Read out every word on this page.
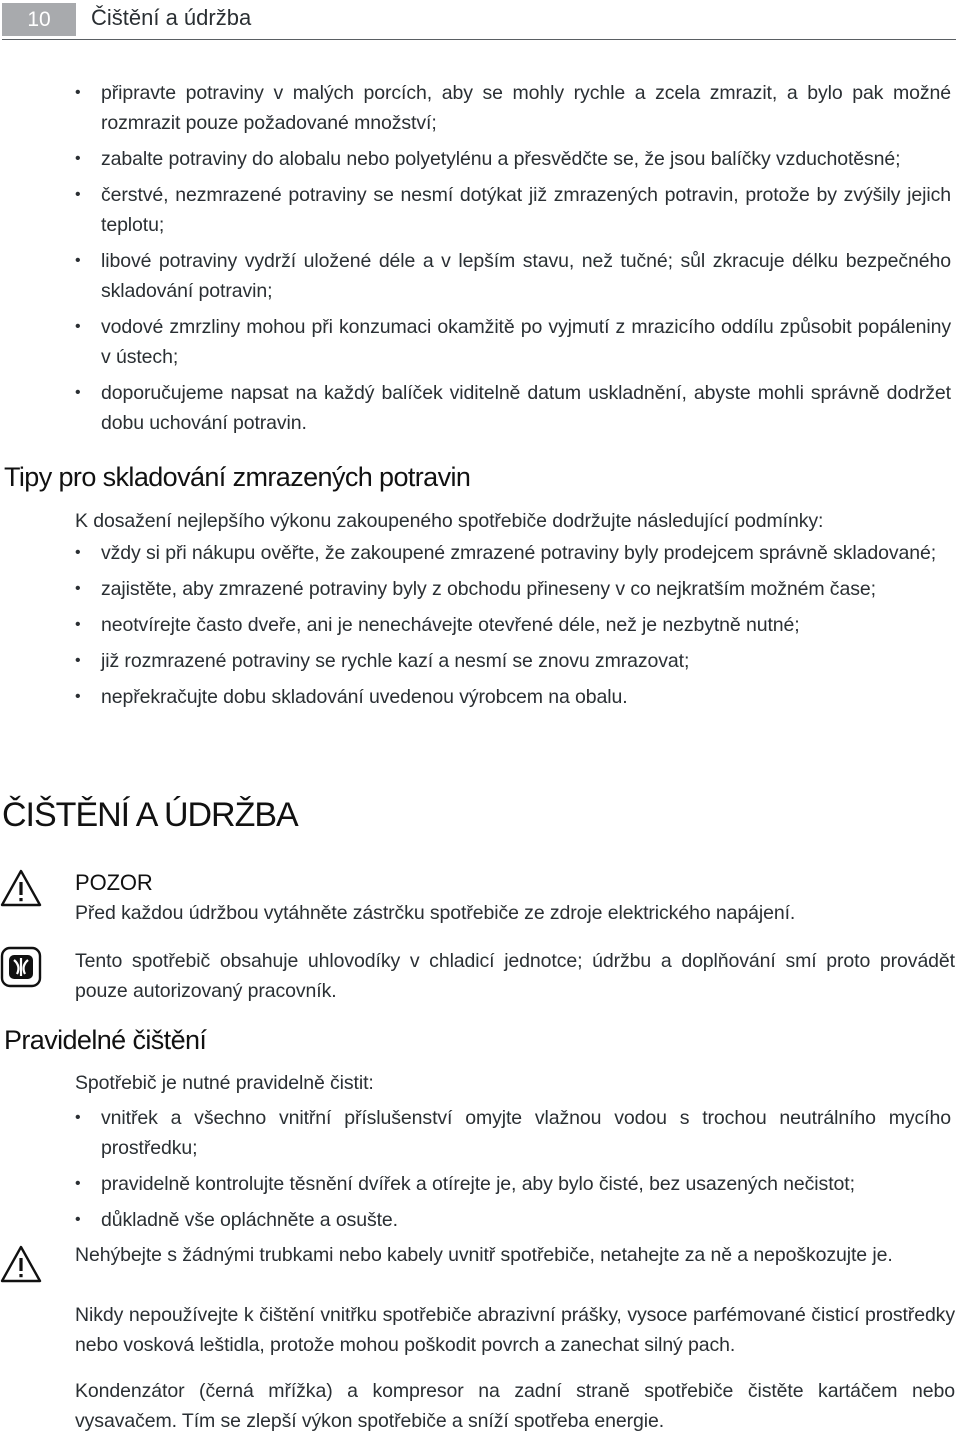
10	Čištění a údržba
• připravte potraviny v malých porcích, aby se mohly rychle a zcela zmrazit, a bylo pak možné rozmrazit pouze požadované množství;
• zabalte potraviny do alobalu nebo polyetylénu a přesvědčte se, že jsou balíčky vzduchotěsné;
• čerstvé, nezmrazené potraviny se nesmí dotýkat již zmrazených potravin, protože by zvýšily jejich teplotu;
• libové potraviny vydrží uložené déle a v lepším stavu, než tučné; sůl zkracuje délku bezpečného skladování potravin;
• vodové zmrzliny mohou při konzumaci okamžitě po vyjmutí z mrazicího oddílu způsobit popáleniny v ústech;
• doporučujeme napsat na každý balíček viditelně datum uskladnění, abyste mohli správně dodržet dobu uchování potravin.
Tipy pro skladování zmrazených potravin
K dosažení nejlepšího výkonu zakoupeného spotřebiče dodržujte následující podmínky:
• vždy si při nákupu ověřte, že zakoupené zmrazené potraviny byly prodejcem správně skladované;
• zajistěte, aby zmrazené potraviny byly z obchodu přineseny v co nejkratším možném čase;
• neotvírejte často dveře, ani je nenechávejte otevřené déle, než je nezbytně nutné;
• již rozmrazené potraviny se rychle kazí a nesmí se znovu zmrazovat;
• nepřekračujte dobu skladování uvedenou výrobcem na obalu.
ČIŠTĚNÍ A ÚDRŽBA
POZOR
Před každou údržbou vytáhněte zástrčku spotřebiče ze zdroje elektrického napájení.
Tento spotřebič obsahuje uhlovodíky v chladicí jednotce; údržbu a doplňování smí proto provádět pouze autorizovaný pracovník.
Pravidelné čištění
Spotřebič je nutné pravidelně čistit:
• vnitřek a všechno vnitřní příslušenství omyjte vlažnou vodou s trochou neutrálního mycího prostředku;
• pravidelně kontrolujte těsnění dvířek a otírejte je, aby bylo čisté, bez usazených nečistot;
• důkladně vše opláchněte a osušte.
Nehýbejte s žádnými trubkami nebo kabely uvnitř spotřebiče, netahejte za ně a nepoškozujte je.
Nikdy nepoužívejte k čištění vnitřku spotřebiče abrazivní prášky, vysoce parfémované čisticí prostředky nebo vosková leštidla, protože mohou poškodit povrch a zanechat silný pach.
Kondenzátor (černá mřížka) a kompresor na zadní straně spotřebiče čistěte kartáčem nebo vysavačem. Tím se zlepší výkon spotřebiče a sníží spotřeba energie.
